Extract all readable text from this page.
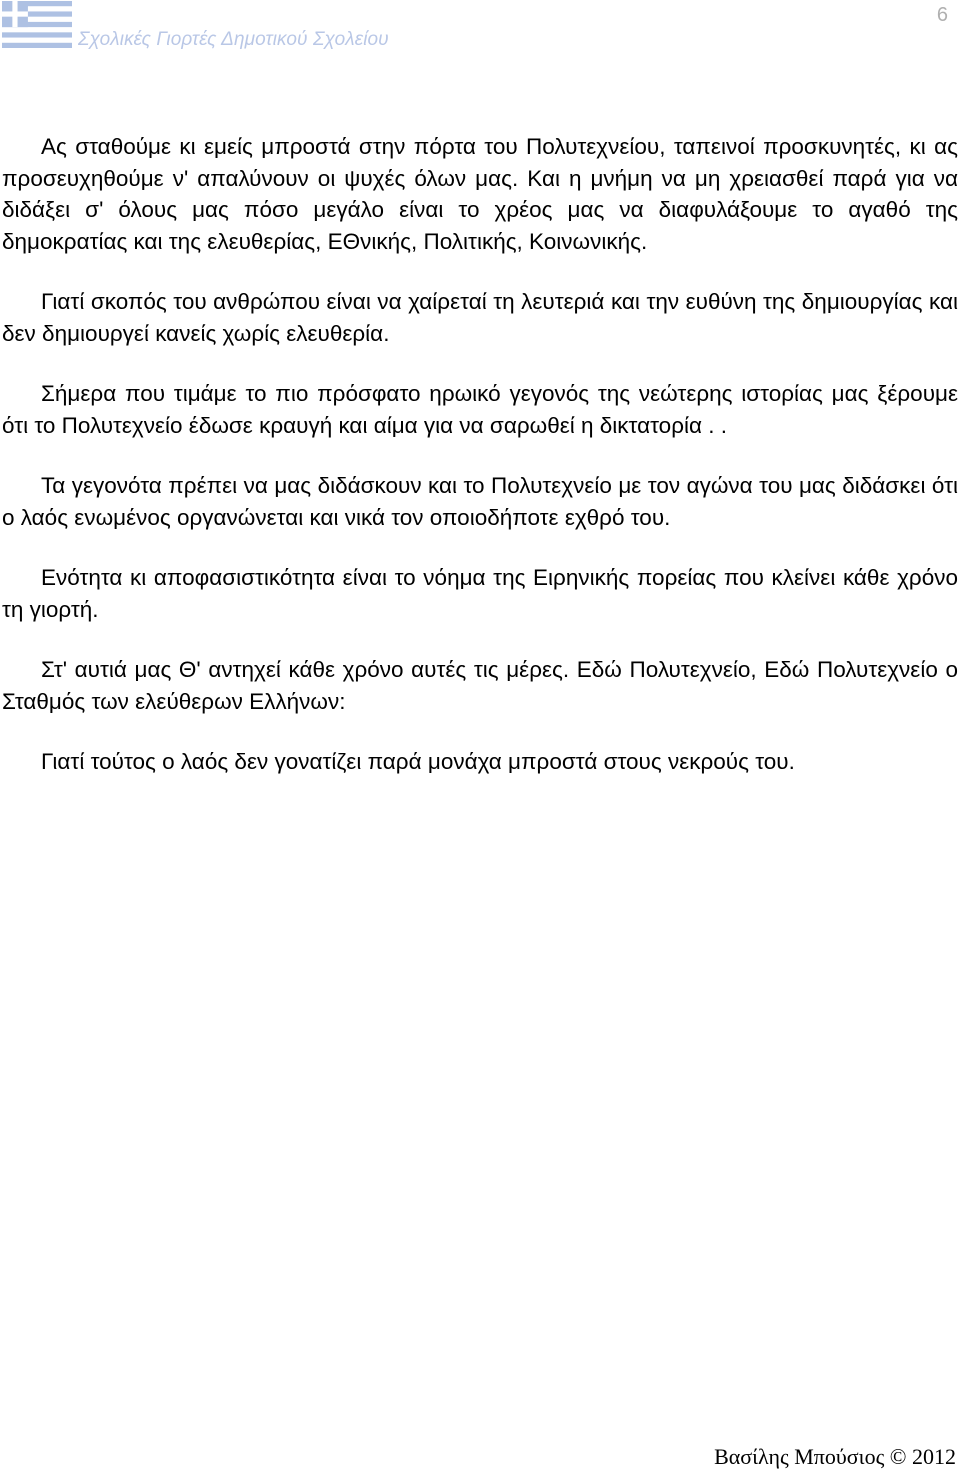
Σχολικές Γιορτές Δημοτικού Σχολείου
6

Ας σταθούμε κι εμείς μπροστά στην πόρτα του Πολυτεχνείου, ταπεινοί προσκυνητές, κι ας προσευχηθούμε ν' απαλύνουν οι ψυχές όλων μας. Και η μνήμη να μη χρειασθεί παρά για να διδάξει σ' όλους μας πόσο μεγάλο είναι το χρέος μας να διαφυλάξουμε το αγαθό της δημοκρατίας και της ελευθερίας, ΕΘνικής, Πολιτικής, Κοινωνικής.

Γιατί σκοπός του ανθρώπου είναι να χαίρεταί τη λευτεριά και την ευθύνη της δημιουργίας και δεν δημιουργεί κανείς χωρίς ελευθερία.

Σήμερα που τιμάμε το πιο πρόσφατο ηρωικό γεγονός της νεώτερης ιστορίας μας ξέρουμε ότι το Πολυτεχνείο έδωσε κραυγή και αίμα για να σαρωθεί η δικτατορία . .

Τα γεγονότα πρέπει να μας διδάσκουν και το Πολυτεχνείο με τον αγώνα του μας διδάσκει ότι ο λαός ενωμένος οργανώνεται και νικά τον οποιοδήποτε εχθρό του.

Ενότητα κι αποφασιστικότητα είναι το νόημα της Ειρηνικής πορείας που κλείνει κάθε χρόνο τη γιορτή.

Στ' αυτιά μας Θ' αντηχεί κάθε χρόνο αυτές τις μέρες. Εδώ Πολυτεχνείο, Εδώ Πολυτεχνείο ο Σταθμός των ελεύθερων Ελλήνων:

Γιατί τούτος ο λαός δεν γονατίζει παρά μονάχα μπροστά στους νεκρούς του.

Βασίλης Μπούσιος © 2012
